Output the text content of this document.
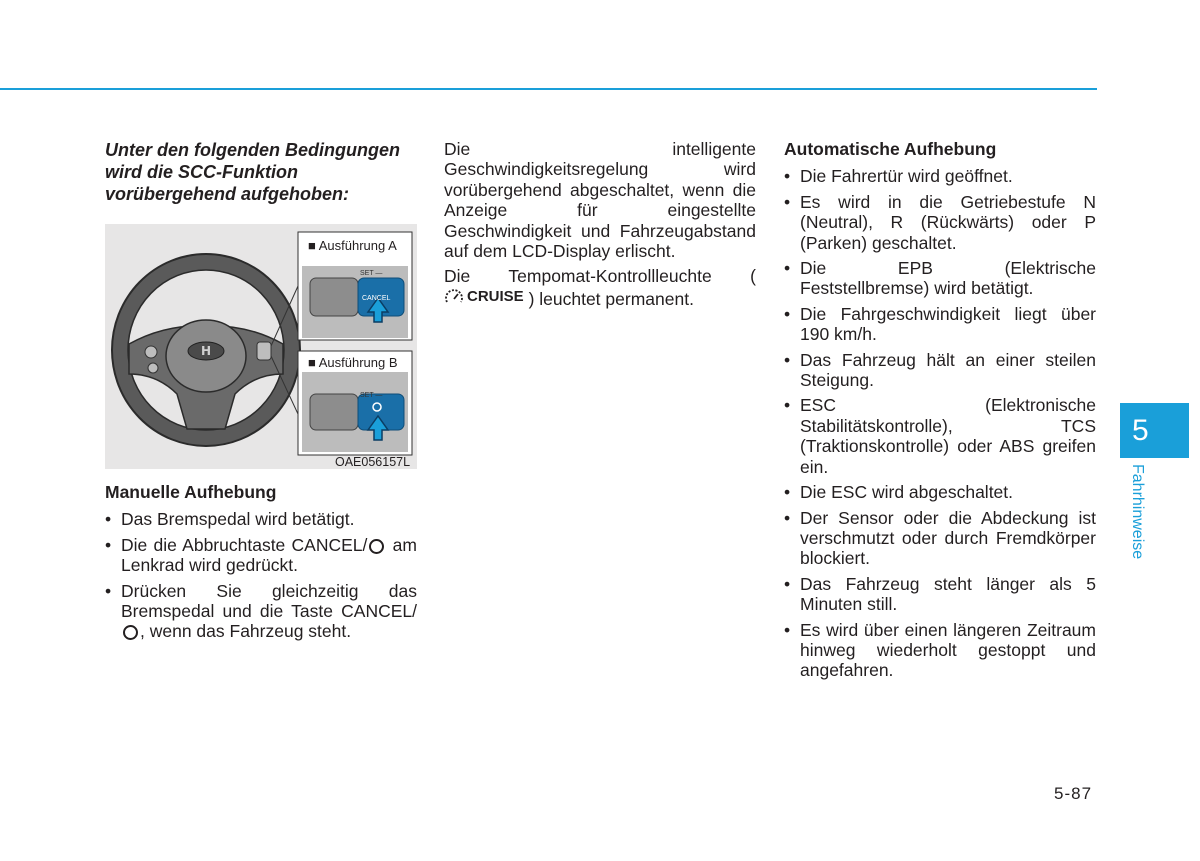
Unter den folgenden Bedingungen wird die SCC-Funktion vorübergehend aufgehoben:
H
■ Ausführung A
■ Ausführung B
SET —
CANCEL
SET —
OAE056157L
Manuelle Aufhebung
• Das Bremspedal wird betätigt.
• Die die Abbruchtaste CANCEL/ am Lenkrad wird gedrückt.
• Drücken Sie gleichzeitig das Bremspedal und die Taste CANCEL/, wenn das Fahrzeug steht.

Die intelligente Geschwindigkeitsregelung wird vorübergehend abgeschaltet, wenn die Anzeige für eingestellte Geschwindigkeit und Fahrzeugabstand auf dem LCD-Display erlischt.

Die Tempomat-Kontrollleuchte (
CRUISE ) leuchtet permanent.

Automatische Aufhebung
• Die Fahrertür wird geöffnet.
• Es wird in die Getriebestufe N (Neutral), R (Rückwärts) oder P (Parken) geschaltet.
• Die EPB (Elektrische Feststellbremse) wird betätigt.
• Die Fahrgeschwindigkeit liegt über 190 km/h.
• Das Fahrzeug hält an einer steilen Steigung.
• ESC (Elektronische Stabilitätskontrolle), TCS (Traktionskontrolle) oder ABS greifen ein.
• Die ESC wird abgeschaltet.
• Der Sensor oder die Abdeckung ist verschmutzt oder durch Fremdkörper blockiert.
• Das Fahrzeug steht länger als 5 Minuten still.
• Es wird über einen längeren Zeitraum hinweg wiederholt gestoppt und angefahren.
5
Fahrhinweise
5-87
